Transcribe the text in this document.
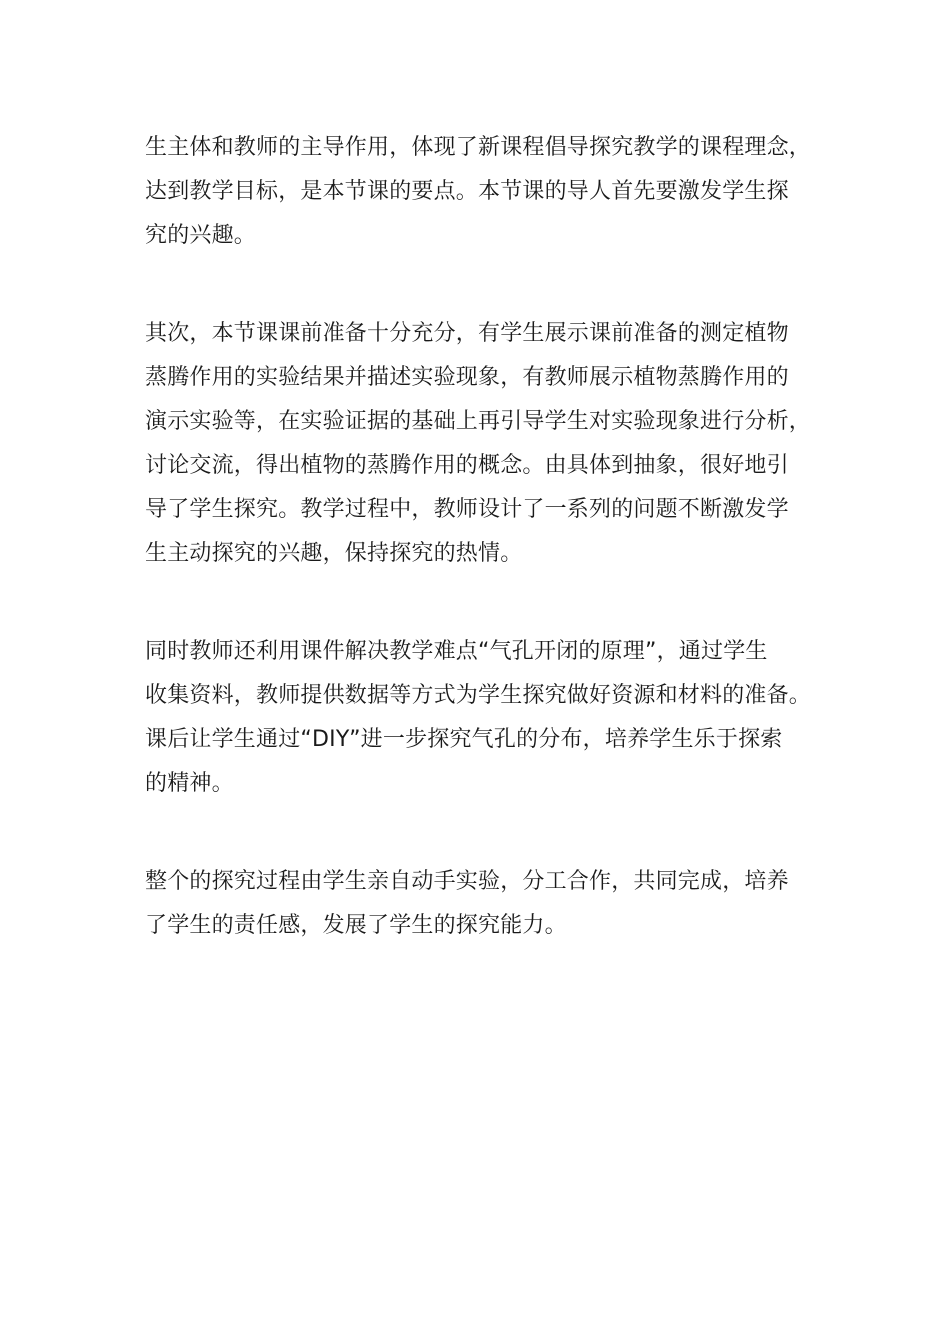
生主体和教师的主导作用，体现了新课程倡导探究教学的课程理念，
达到教学目标，是本节课的要点。本节课的导人首先要激发学生探
究的兴趣。

其次，本节课课前准备十分充分，有学生展示课前准备的测定植物
蒸腾作用的实验结果并描述实验现象，有教师展示植物蒸腾作用的
演示实验等，在实验证据的基础上再引导学生对实验现象进行分析，
讨论交流，得出植物的蒸腾作用的概念。由具体到抽象，很好地引
导了学生探究。教学过程中，教师设计了一系列的问题不断激发学
生主动探究的兴趣，保持探究的热情。

同时教师还利用课件解决教学难点“气孔开闭的原理”，通过学生
收集资料，教师提供数据等方式为学生探究做好资源和材料的准备。
课后让学生通过“DIY”进一步探究气孔的分布，培养学生乐于探索
的精神。

整个的探究过程由学生亲自动手实验，分工合作，共同完成，培养
了学生的责任感，发展了学生的探究能力。
